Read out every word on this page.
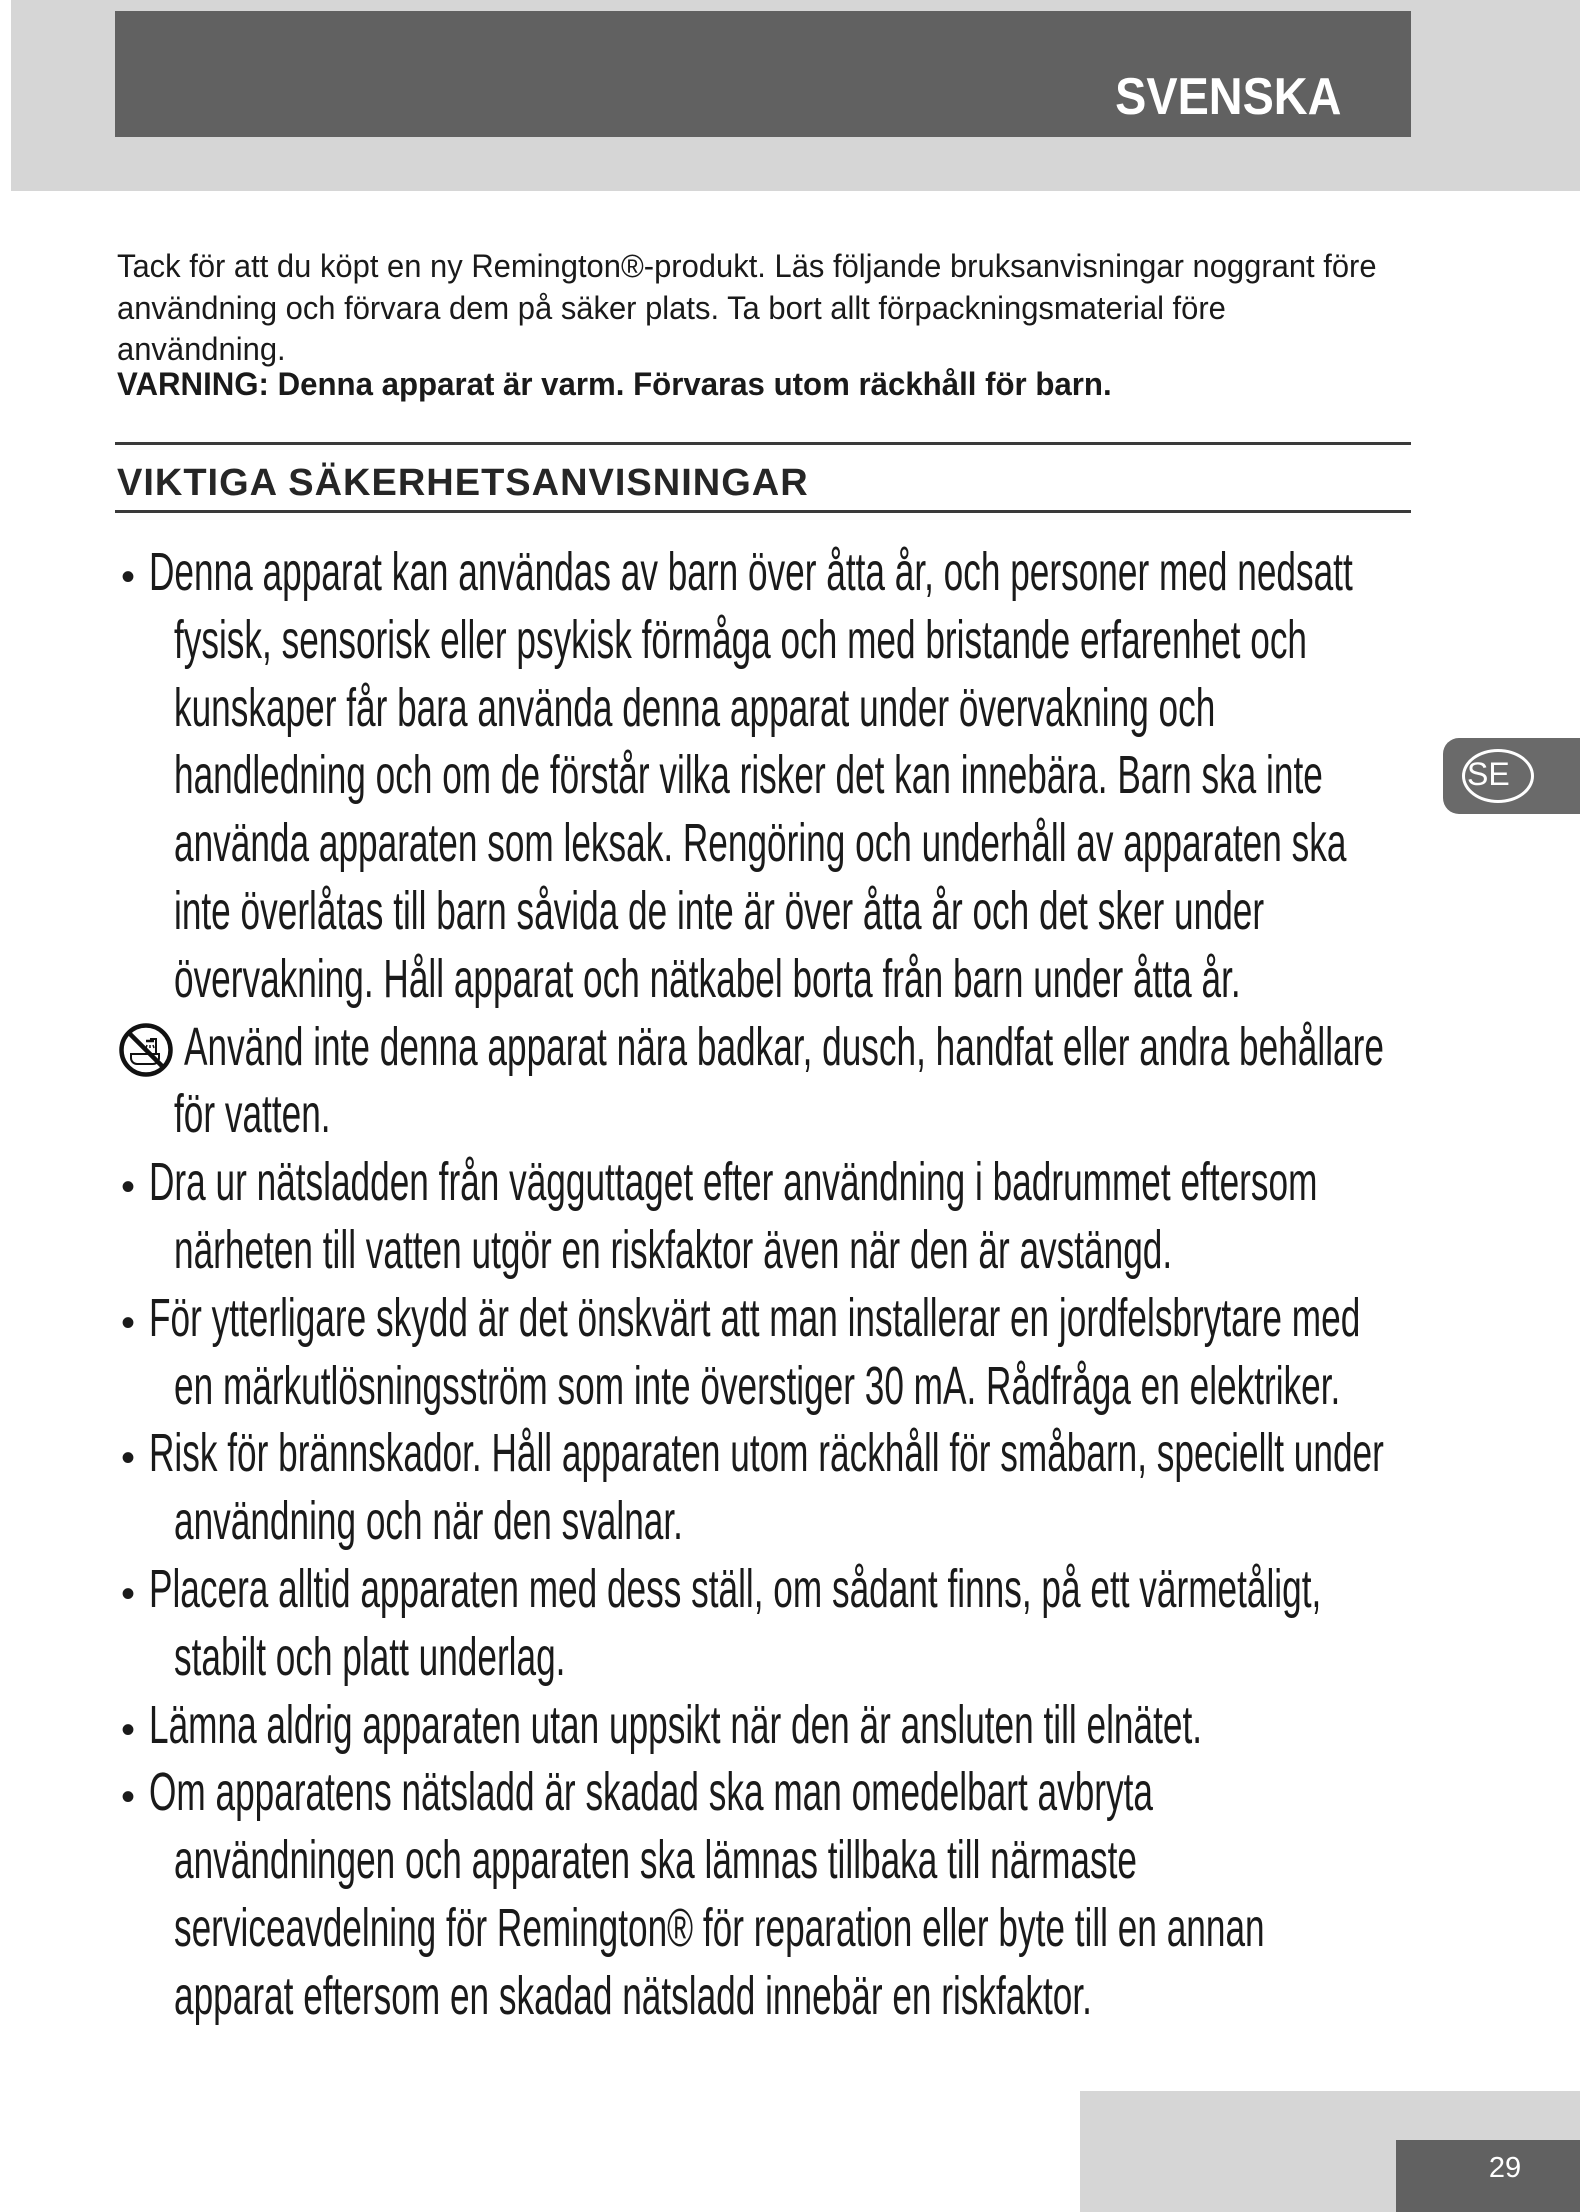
SVENSKA
Tack för att du köpt en ny Remington®-produkt. Läs följande bruksanvisningar noggrant före
användning och förvara dem på säker plats. Ta bort allt förpackningsmaterial före
användning.
VARNING: Denna apparat är varm. Förvaras utom räckhåll för barn.
VIKTIGA SÄKERHETSANVISNINGAR
• Denna apparat kan användas av barn över åtta år, och personer med nedsatt
fysisk, sensorisk eller psykisk förmåga och med bristande erfarenhet och
kunskaper får bara använda denna apparat under övervakning och
handledning och om de förstår vilka risker det kan innebära. Barn ska inte
använda apparaten som leksak. Rengöring och underhåll av apparaten ska
inte överlåtas till barn såvida de inte är över åtta år och det sker under
övervakning. Håll apparat och nätkabel borta från barn under åtta år.
Använd inte denna apparat nära badkar, dusch, handfat eller andra behållare
för vatten.
• Dra ur nätsladden från vägguttaget efter användning i badrummet eftersom
närheten till vatten utgör en riskfaktor även när den är avstängd.
• För ytterligare skydd är det önskvärt att man installerar en jordfelsbrytare med
en märkutlösningsström som inte överstiger 30 mA. Rådfråga en elektriker.
• Risk för brännskador. Håll apparaten utom räckhåll för småbarn, speciellt under
användning och när den svalnar.
• Placera alltid apparaten med dess ställ, om sådant finns, på ett värmetåligt,
stabilt och platt underlag.
• Lämna aldrig apparaten utan uppsikt när den är ansluten till elnätet.
• Om apparatens nätsladd är skadad ska man omedelbart avbryta
användningen och apparaten ska lämnas tillbaka till närmaste
serviceavdelning för Remington® för reparation eller byte till en annan
apparat eftersom en skadad nätsladd innebär en riskfaktor.
SE
29
